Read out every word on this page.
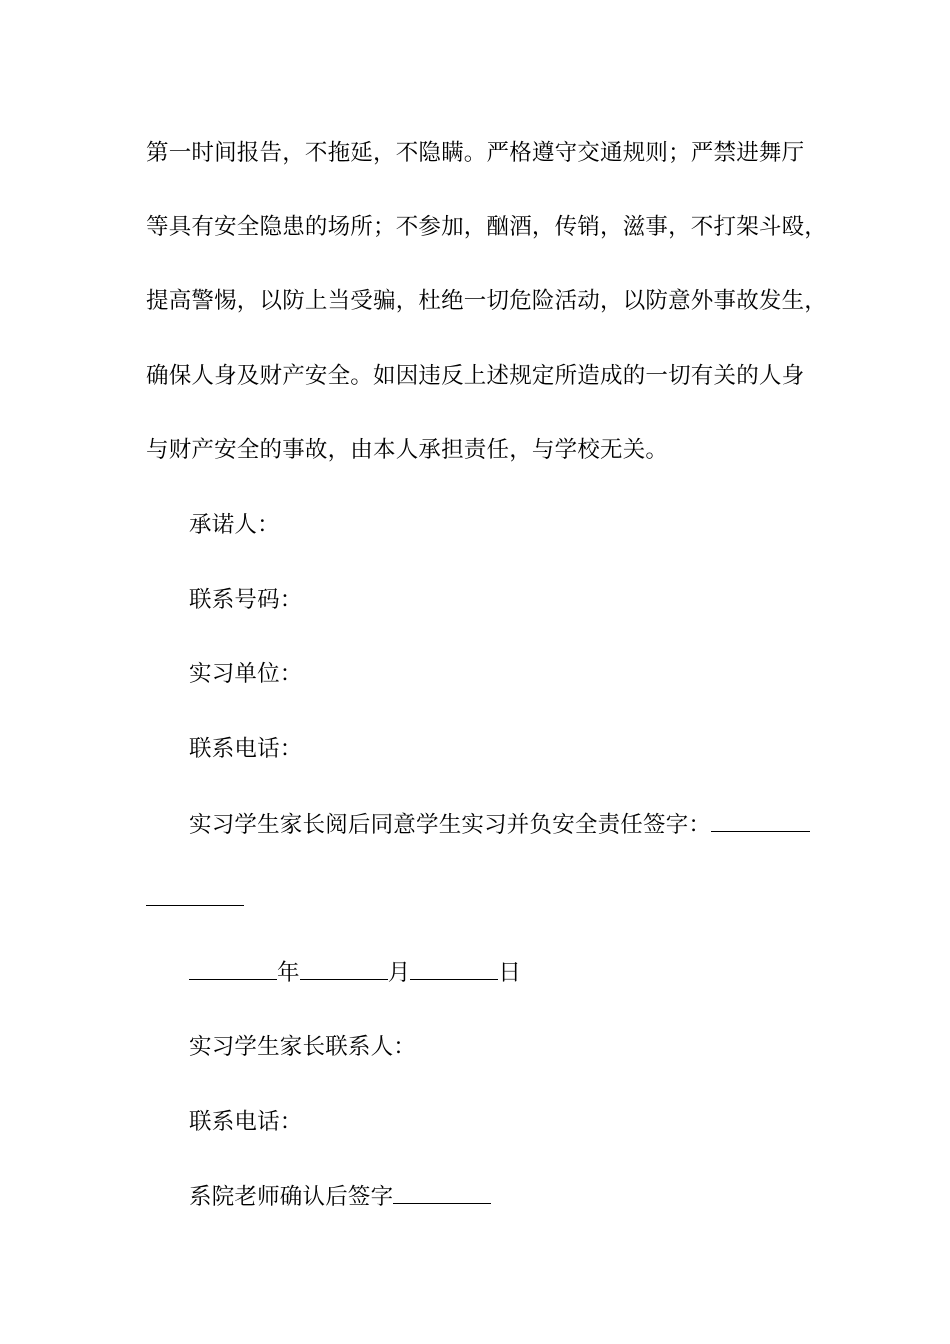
第一时间报告，不拖延，不隐瞒。严格遵守交通规则；严禁进舞厅
等具有安全隐患的场所；不参加，酗酒，传销，滋事，不打架斗殴，
提高警惕，以防上当受骗，杜绝一切危险活动，以防意外事故发生，
确保人身及财产安全。如因违反上述规定所造成的一切有关的人身
与财产安全的事故，由本人承担责任，与学校无关。
承诺人：
联系号码：
实习单位：
联系电话：
实习学生家长阅后同意学生实习并负安全责任签字：
年	月	日
实习学生家长联系人：
联系电话：
系院老师确认后签字
